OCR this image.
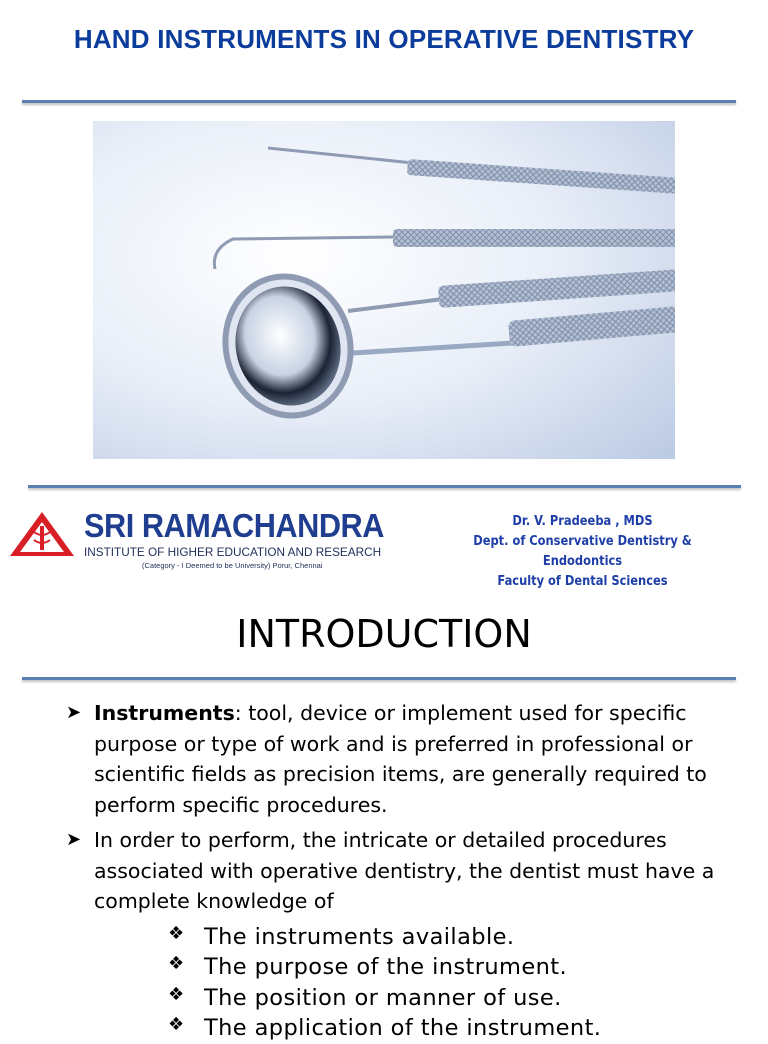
HAND INSTRUMENTS IN OPERATIVE DENTISTRY
SRI RAMACHANDRA
INSTITUTE OF HIGHER EDUCATION AND RESEARCH
(Category - I Deemed to be University) Porur, Chennai
Dr. V. Pradeeba , MDS
Dept. of Conservative Dentistry & Endodontics
Faculty of Dental Sciences
INTRODUCTION
➤ Instruments: tool, device or implement used for specific purpose or type of work and is preferred in professional or scientific fields as precision items, are generally required to perform specific procedures.
➤ In order to perform, the intricate or detailed procedures associated with operative dentistry, the dentist must have a complete knowledge of
❖ The instruments available.
❖ The purpose of the instrument.
❖ The position or manner of use.
❖ The application of the instrument.
